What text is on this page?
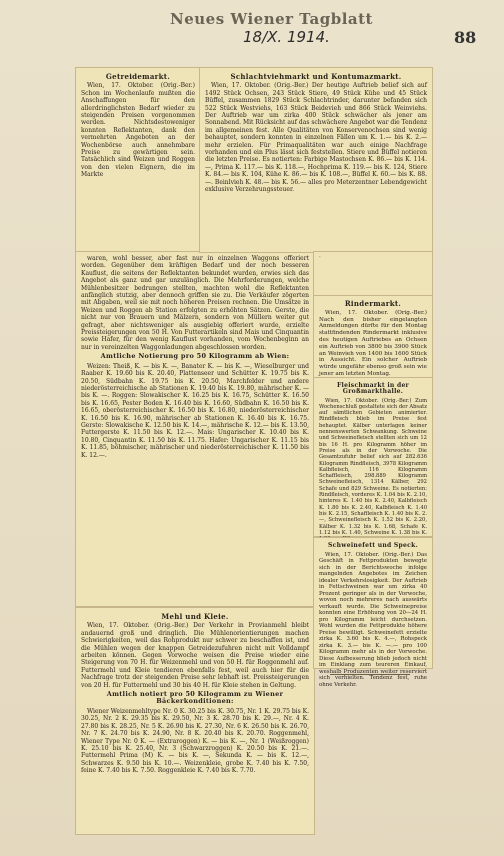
Neues Wiener Tagblatt
18/X. 1914.	88
Getreidemarkt.

Wien, 17. Oktober. (Orig.-Ber.) Schon im Wochenlaufe mußten die Anschaffungen für den allerdringlichsten Bedarf wieder zu steigenden Preisen vorgenommen werden. Nichtsdestoweniger konnten Reflektanten, dank den vermehrten Angeboten an der Wochenbörse auch annehmbare Preise zu gewärtigen sein. Tatsächlich sind Weizen und Roggen von den vielen Eignern, die im Markte

waren, wohl besser, aber fast nur in einzelnen Waggons offeriert worden. Gegenüber dem kräftigen Bedarf und der noch besseren Kauflust, die seitens der Reflektanten bekundet wurden, erwies sich das Angebot als ganz und gar unzulänglich. Die Mehrforderungen, welche Mühlenbesitzer bedrungen stellten, machten wohl die Reflektanten anfänglich stutzig, aber dennoch griffen sie zu. Die Verkäufer zögerten mit Abgaben, weil sie mit noch höheren Preisen rechnen. Die Umsätze in Weizen und Roggen ab Station erfolgten zu erhöhten Sätzen. Gerste, die nicht nur von Brauern und Mälzern, sondern von Müllern weiter gut gefragt, aber nichtsweniger als ausgiebig offeriert wurde, erzielte Preissteigerungen von 50 H. Von Futterartikeln sind Mais und Cinquantin sowie Hafer, für den wenig Kauflust vorhanden, vom Wochenbeginn an nur in vereinzelten Waggonladungen abgeschlossen worden.

Amtliche Notierung pro 50 Kilogramm ab Wien:

Weizen: Theiß, K. — bis K. —, Banater K. — bis K. —, Wieselburger und Raaber K. 19.60 bis K. 20.40, Plattenseer und Schütter K. 19.75 bis K. 20.50, Südbahn K. 19.75 bis K. 20.50, Marchfelder und andere niederösterreichische ab Stationen K. 19.40 bis K. 19.80, mährischer K. — bis K. —. Roggen: Slowakischer K. 16.25 bis K. 16.75, Schütter K. 16.50 bis K. 16.65, Pester Boden K. 16.40 bis K. 16.60, Südbahn K. 16.50 bis K. 16.65, oberösterreichischer K. 16.50 bis K. 16.80, niederösterreichischer K. 16.50 bis K. 16.90, mährischer ab Stationen K. 16.40 bis K. 16.75. Gerste: Slowakische K. 12.50 bis K. 14.—, mährische K. 12.— bis K. 13.50, Futtergerste K. 11.50 bis K. 12.—. Mais: Ungarischer K. 10.40 bis K. 10.80, Cinquantin K. 11.50 bis K. 11.75. Hafer: Ungarischer K. 11.15 bis K. 11.85, böhmischer, mährischer und niederösterreichischer K. 11.50 bis K. 12.—.

Mehl und Kleie.

Wien, 17. Oktober. (Orig.-Ber.) Der Verkehr in Provianmehl bleibt andauernd groß und dringlich. Die Mühlenorientierungen machen Schwierigkeiten, weil das Rohprodukt nur schwer zu beschaffen ist, und die Mühlen wegen der knappen Getreidezufuhren nicht mit Volldampf arbeiten können. Gegen Vorwoche weisen die Preise wieder eine Steigerung von 70 H. für Weizenmehl und von 50 H. für Roggenmehl auf. Futtermehl und Kleie tendieren ebenfalls fest, weil auch hier für die Nachfrage trotz der steigenden Preise sehr lebhaft ist. Preissteigerungen von 20 H. für Futtermehl und 30 bis 40 H. für Kleie stehen in Geltung.

Amtlich notiert pro 50 Kilogramm zu Wiener Bäckerkonditionen:

Wiener Weizenmehltype Nr. 0 K. 30.25 bis K. 30.75, Nr. 1 K. 29.75 bis K. 30.25, Nr. 2 K. 29.35 bis K. 29.50, Nr. 3 K. 28.70 bis K. 29.—, Nr. 4 K. 27.80 bis K. 28.25, Nr. 5 K. 26.90 bis K. 27.30, Nr. 6 K. 26.50 bis K. 26.70, Nr. 7 K. 24.70 bis K. 24.90, Nr. 8 K. 20.40 bis K. 20.70. Roggenmehl, Wiener Type Nr. 0 K. — (Extraroggen) K. — bis K. —, Nr. 1 (Weißroggen) K. 25.10 bis K. 25.40, Nr. 3 (Schwarzroggen) K. 20.50 bis K. 21.—. Futtermehl Prima (M) K. — bis K. —, Sekunda K. — bis K. 12.—, Schwarzes K. 9.50 bis K. 10.—. Weizenkleie, grobe K. 7.40 bis K. 7.50, feine K. 7.40 bis K. 7.50. Roggenkleie K. 7.40 bis K. 7.70.

Schlachtviehmarkt und Kontumazmarkt.

Wien, 17. Oktober. (Orig.-Ber.) Der heutige Auftrieb belief sich auf 1492 Stück Ochsen, 243 Stück Stiere, 49 Stück Kühe und 45 Stück Büffel, zusammen 1829 Stück Schlachtrinder, darunter befanden sich 522 Stück Westviehs, 163 Stück Beidevieh und 866 Stück Weinviehs. Der Auftrieb war um zirka 400 Stück schwächer als jener am Sonnabend. Mit Rücksicht auf das schwächere Angebot war die Tendenz im allgemeinen fest. Alle Qualitäten von Konservenochsen sind wenig behauptet, sondern konnten in einzelnen Fällen um K. 1.— bis K. 2.— mehr erzielen. Für Primaqualitäten war auch einige Nachfrage vorhanden und ein Plus lässt sich feststellen. Stiere und Büffel notieren die letzten Preise. Es notierten: Farbige Mastochsen K. 86.— bis K. 114.—, Prima K. 117.— bis K. 118.—, Hochprima K. 119.— bis K. 124, Stiere K. 84.— bis K. 104, Kühe K. 86.— bis K. 108.—, Büffel K. 60.— bis K. 88.—. Beinlvieh K. 48.— bis K. 56.— alles pro Meterzentner Lebendgewicht exklusive Verzehrungssteuer.

·

Rindermarkt.

Wien, 17. Oktober. (Orig.-Ber.) Nach den bisher eingelangten Anmeldungen dürfte für den Montag stattfindenden Rindermarkt inklusive des heutigen Auftriebes an Ochsen ein Auftrieb von 3800 bis 3900 Stück an Weinvieh von 1400 bis 1600 Stück in Aussicht. Ein solcher Auftrieb würde ungefähr ebenso groß sein wie jener am letzten Montag.

Fleischmarkt in der Großmarkthalle.

Wien, 17. Oktober. (Orig.-Ber.) Zum Wochenschluß gestaltete sich der Absatz auf sämtlichen Gebieten animierter. Rindfleisch blieb im Preise fest behauptet. Kälber unterlagen keiner nennenswerten Schwankung. Schweine und Schweinefleisch stellten sich um 12 bis 16 H. pro Kilogramm höher im Preise als in der Vorwoche. Die Gesamtzufuhr belief sich auf 282.636 Kilogramm Rindfleisch, 3978 Kilogramm Kalbfleisch, 116 Kilogramm Schaffleisch, 298.889 Kilogramm Schweinefleisch, 1314 Kälber, 292 Schafe und 829 Schweine. Es notierten: Rindfleisch, vorderes K. 1.04 bis K. 2.10, hinteres K. 1.40 bis K. 2.40, Kalbfleisch K. 1.80 bis K. 2.40, Kalbfleisch K. 1.40 bis K. 2.15, Schaffleisch K. 1.40 bis K. 2.—, Schweinefleisch K. 1.52 bis K. 2.20, Kälber K. 1.32 bis K. 1.68, Schafe K. 1.12 bis K. 1.40, Schweine K. 1.38 bis K.

Schweinefett und Speck.

Wien, 17. Oktober. (Orig.-Ber.) Das Geschäft in Fettprodukten bewegte sich in der Berichtswoche infolge mangelnden Angebotes im Zeichen idealer Verkehrslosigkeit. Der Auftrieb in Fettschweinen war um zirka 40 Prozent geringer als in der Vorwoche, wovon noch mehreres nach auswärts verkauft wurde. Die Schweinepreise konnten eine Erhöhung von 20—24 H. pro Kilogramm leicht durchsetzen. Wohl wurden die Fettprodukte höhere Preise bewilligt. Schweinefett erzielte zirka K. 3.60 bis K. 4.—, Rohspeck zirka K. 3.— bis K. —.— pro 100 Kilogramm mehr als in der Vorwoche. Diese Aufbesserung blieb jedoch nicht im Einklang zum teureren Einkauf, weshalb Produzenten weiter reserviert sich verhielten. Tendenz fest, ruhe ohne Verkehr.
